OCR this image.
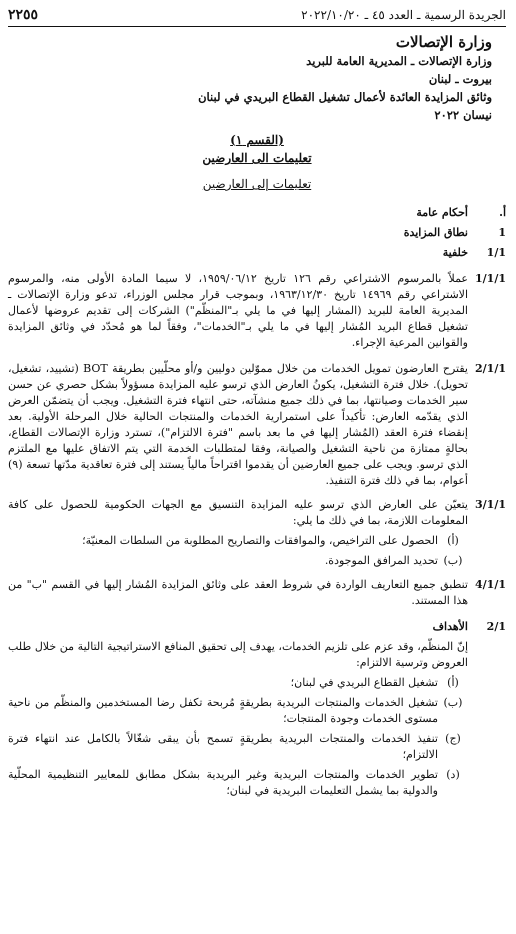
الجريدة الرسمية ـ العدد ٤٥ ـ ٢٠٢٢/١٠/٢٠
٢٢٥٥
وزارة الإتصالات
وزارة الإتصالات ـ المديرية العامة للبريد
بيروت ـ لبنان
وثائق المزايدة العائدة لأعمال تشغيل القطاع البريدي في لبنان
نيسان ٢٠٢٢
(القسم ١)
تعليمات الى العارضين
تعليمات إلى العارضين
أ.
أحكام عامة
1
نطاق المزايدة
1/1
خلفية
1/1/1
عملاً بالمرسوم الاشتراعي رقم ١٢٦ تاريخ ١٩٥٩/٠٦/١٢، لا سيما المادة الأولى منه، والمرسوم الاشتراعي رقم ١٤٩٦٩ تاريخ ١٩٦٣/١٢/٣٠، وبموجب قرار مجلس الوزراء، تدعو وزارة الإتصالات ـ المديرية العامة للبريد (المشار إليها في ما يلي بـ"المنظّم") الشركات إلى تقديم عروضها لأعمال تشغيل قطاع البريد المُشار إليها في ما يلي بـ"الخدمات"، وفقاً لما هو مُحدّد في وثائق المزايدة والقوانين المرعية الإجراء.
2/1/1
يقترح العارضون تمويل الخدمات من خلال مموّلين دوليين و/أو محلّيين بطريقة BOT (تشييد، تشغيل، تحويل). خلال فترة التشغيل، يكونُ العارض الذي ترسو عليه المزايدة مسؤولاً بشكل حصري عن حسن سير الخدمات وصيانتها، بما في ذلك جميع منشآته، حتى انتهاء فترة التشغيل. ويجب أن يتضمّن العرض الذي يقدّمه العارض: تأكيداً على استمرارية الخدمات والمنتجات الحالية خلال المرحلة الأولية. بعد إنقضاء فترة العقد (المُشار إليها في ما بعد باسم "فترة الالتزام")، تسترد وزارة الإتصالات القطاع، بحالةٍ ممتازة من ناحية التشغيل والصيانة، وفقا لمتطلبات الخدمة التي يتم الاتفاق عليها مع الملتزم الذي ترسو. ويجب على جميع العارضين أن يقدموا اقتراحاً مالياً يستند إلى فترة تعاقدية مدّتها تسعة (٩) أعوام، بما في ذلك فترة التنفيذ.
3/1/1
يتعيّن على العارض الذي ترسو عليه المزايدة التنسيق مع الجهات الحكومية للحصول على كافة المعلومات اللازمة، بما في ذلك ما يلي:
(أ)
الحصول على التراخيص، والموافقات والتصاريح المطلوبة من السلطات المعنيّة؛
(ب)
تحديد المرافق الموجودة.
4/1/1
تنطبق جميع التعاريف الواردة في شروط العقد على وثائق المزايدة المُشار إليها في القسم "ب" من هذا المستند.
2/1
الأهداف
إنّ المنظّم، وقد عزم على تلزيم الخدمات، يهدف إلى تحقيق المنافع الاستراتيجية التالية من خلال طلب العروض وترسية الالتزام:
(أ)
تشغيل القطاع البريدي في لبنان؛
(ب)
تشغيل الخدمات والمنتجات البريدية بطريقةٍ مُربحة تكفل رضا المستخدمين والمنظّم من ناحية مستوى الخدمات وجودة المنتجات؛
(ج)
تنفيذ الخدمات والمنتجات البريدية بطريقةٍ تسمح بأن يبقى شغّالاً بالكامل عند انتهاء فترة الالتزام؛
(د)
تطوير الخدمات والمنتجات البريدية وغير البريدية بشكل مطابق للمعايير التنظيمية المحلّية والدولية بما يشمل التعليمات البريدية في لبنان؛
